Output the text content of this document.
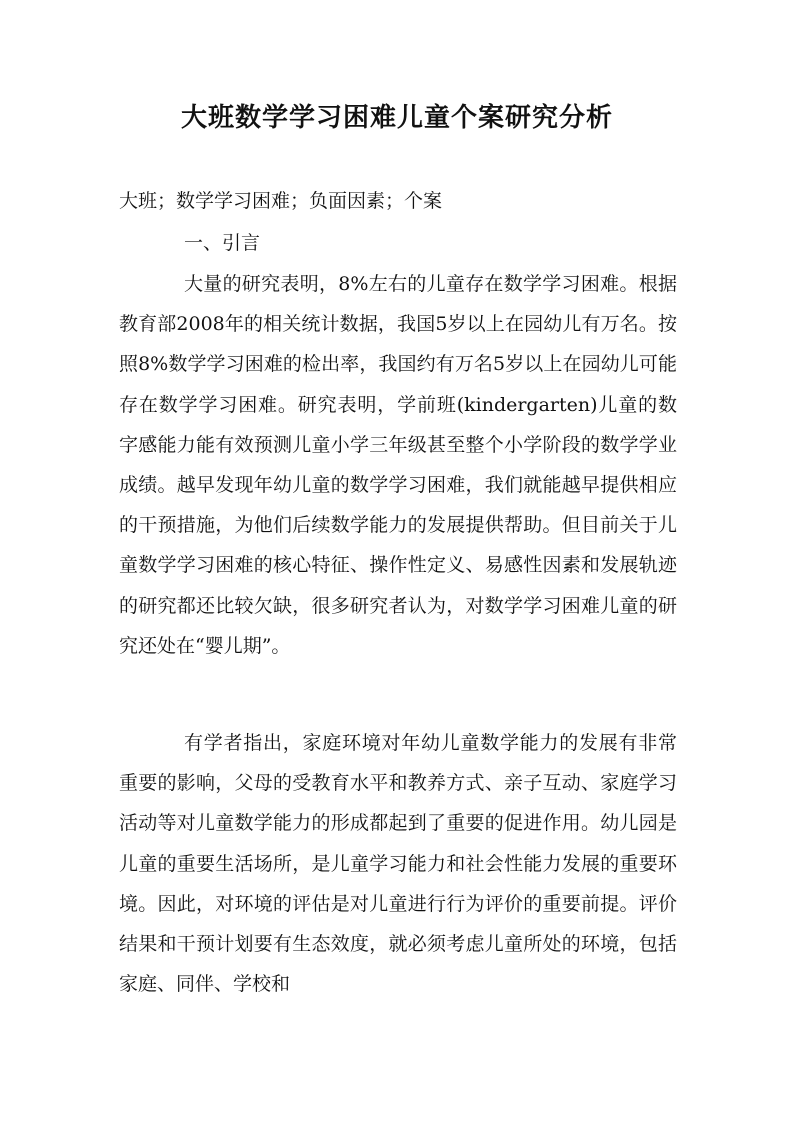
大班数学学习困难儿童个案研究分析
大班；数学学习困难；负面因素；个案
一、引言

大量的研究表明，8%左右的儿童存在数学学习困难。根据教育部2008年的相关统计数据，我国5岁以上在园幼儿有万名。按照8%数学学习困难的检出率，我国约有万名5岁以上在园幼儿可能存在数学学习困难。研究表明，学前班(kindergarten)儿童的数字感能力能有效预测儿童小学三年级甚至整个小学阶段的数学学业成绩。越早发现年幼儿童的数学学习困难，我们就能越早提供相应的干预措施，为他们后续数学能力的发展提供帮助。但目前关于儿童数学学习困难的核心特征、操作性定义、易感性因素和发展轨迹的研究都还比较欠缺，很多研究者认为，对数学学习困难儿童的研究还处在“婴儿期”。

有学者指出，家庭环境对年幼儿童数学能力的发展有非常重要的影响，父母的受教育水平和教养方式、亲子互动、家庭学习活动等对儿童数学能力的形成都起到了重要的促进作用。幼儿园是儿童的重要生活场所，是儿童学习能力和社会性能力发展的重要环境。因此，对环境的评估是对儿童进行行为评价的重要前提。评价结果和干预计划要有生态效度，就必须考虑儿童所处的环境，包括家庭、同伴、学校和
